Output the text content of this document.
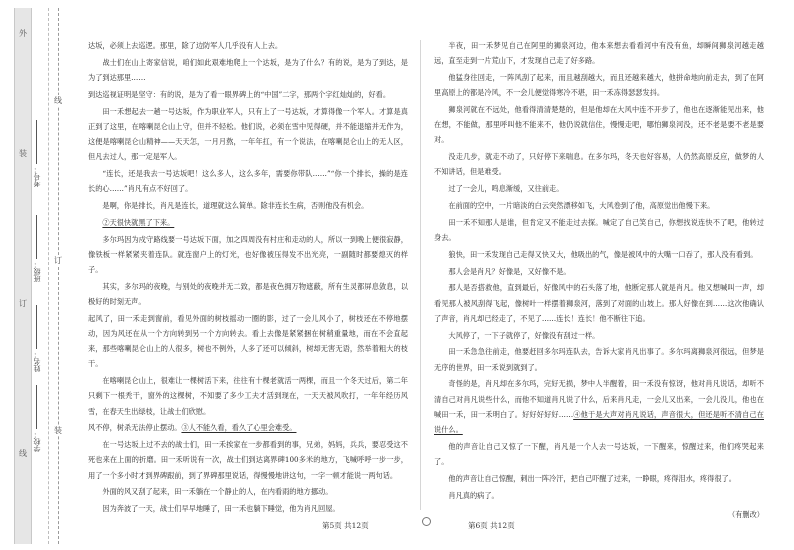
外
装
订
线
线
订
装
考号：
班级：
姓名：
学校：

达坂，必须上去巡逻。那里，除了边防军人几乎没有人上去。

战士们在山上寄家信说，咱们如此艰难地爬上一个达坂，是为了什么？有的说，是为了到达，是为了到达那里……

到达巡视证明是坚守：有的说，是为了看一眼界碑上的“中国”二字，那两个字红灿灿的，好看。

田一禾想起去一趟一号达坂，作为职业军人，只有上了一号达坂，才算得像一个军人。才算是真正到了这里，在喀喇昆仑山上守，但并不轻松。他们说，必须在雪中见得硬，并不能退缩并无作为，这便是喀喇昆仑山精神——天天怎，一月月熬，一年年扛，有一个说法，在喀喇昆仑山上的无人区，但凡去过人，那一定是军人。

“连长，还是我去一号达坂吧！这么多人，这么多年，需要你带队……”“你一个排长，操的是连长的心……”肖凡有点不好回了。

是啊，你是排长，肖凡是连长，道理就这么简单。除非连长生病，否则他没有机会。

②天很快就黑了下来。

多尔玛因为戍守路线要一号达坂下面，加之四周没有村庄和走动的人，所以一到晚上便很寂静，像铁板一样紧紧夹着连队。就连窗户上的灯光，也好像被压得发不出光亮，一副随时都要熄灭的样子。

其实，多尔玛的夜晚，与别处的夜晚并无二致，都是夜色拥万物遮蔽，所有生灵都屏息敛息，以极好的时刻无声。

起风了，田一禾走到窗前，看见外面的树枝摇动一圈的影，过了一会儿风小了，树枝还在不停地摆动，因为风还在从一个方向转到另一个方向转去。看上去像是紧紧捆在树稍重量地，而在不会直起来，那些喀喇昆仑山上的人很多，树也不例外，人多了还可以倾斜，树却无害无语，然举着粗大的枝干。

在喀喇昆仑山上，很难让一棵树活下来，往往有十棵老就活一两棵，而且一个冬天过后，第二年只剩下一根秃干，窗外的这棵树，不知要了多少工夫才活到现在，一天天被风吹打，一年年经历风雪，在春天生出绿枝，让战士们欣慰。

风不停，树杀无法停止摆动。③人不能久看，看久了心里会难受。

在一号达坂上过不去的战士们，田一禾挨家在一步都看到的事，兄弟，妈妈，兵兵，要忍受这不死也来在上面的折磨。田一禾听说有一次，战士们到达离界碑100多米的地方，飞喊呼呼一步一步，用了一个多小时才到界碑跟前，到了界碑那里说话，得慢慢地讲这句，一字一顿才能说一两句话。

外面的风又刮了起来，田一禾躺在一个静止的人，在内看雨的地方挪动。

因为奔波了一天，战士们早早地睡了，田一禾也躺下睡觉，他为肖凡回屋。

半夜，田一禾梦见自己在阿里的狮泉河边，他本来想去看看河中有没有鱼，却瞬间狮泉河越走越远，直至走到一片荒山下，才发现自己走了好多路。

他猛身往回走，一阵风刮了起来，而且越刮越大，而且还越来越大，他拼命地向前走去，到了在阿里高原上的都是冷风，不一会儿便觉得寒冷不堪，田一禾冻得瑟瑟发抖。

狮泉河就在不远处，他看得清清楚楚的，但是他却在大风中连不开步了，他也在逐渐能见出来，他在想，不能做，那里呼叫他不能来不，他仍说就信住，慢慢走吧，哪怕狮泉河没，还不老是要不老是要对。

没走几步，就走不动了，只好停下来喘息。在多尔玛，冬天也好容易，人仍然高原反应，做梦的人不知讲话，但是难受。

过了一会儿，鸣息渐缓，又往前走。

在前面的空中，一片暗淡的白云突然漂移如飞，大风卷到了他，高原觉出他慢下来。

田一禾不知那人是谁，但肯定又不能走过去探。喊定了自己笑自己，你想找说连快不了吧，他转过身去。

狼快，田一禾发现自己走得又快又大，他吸出的气，像是被风中的大嘴一口吞了，那人没有看到。

那人会是肖凡？好像是，又好像不是。

那人是否搭救他，直到最后，好像风中的石头落了地，他断定那人就是肖凡。他又想喊叫一声，却看见那人被风刮得飞起，像树叶一样摆着狮泉河，落到了对面的山坡上。那人好像在到……这次他确认了声音，肖凡却已经走了，不见了……连长！连长！他不断往下追。

大风停了，一下子就停了，好像没有刮过一样。

田一禾急急往前走，他要赶回多尔玛连队去，告诉大家肖凡出事了。多尔玛离狮泉河很远，但梦是无序的世界，田一禾说到就到了。

奇怪的是，肖凡却在多尔玛，完好无损，梦中人半醒着，田一禾没有惊讶，他对肖凡说话，却听不清自己对肖凡说些什么，而他不知道肖凡说了什么，后来肖凡走，一会儿又出来，一会儿没儿，他也在喊田一禾，田一禾明白了。好好好好好……④他于是大声对肖凡说话，声音很大，但还是听不清自己在说什么。

他的声音让自己又惊了一下醒，肖凡是一个人去一号达坂，一下醒来，惊醒过来，他们疼哭起来了。

他的声音让自己惊醒，刺出一阵冷汗，把自己吓醒了过来，一睁眼，疼得泪水，疼得很了。

肖凡真的病了。

（有删改）

第5页 共12页	第6页 共12页
